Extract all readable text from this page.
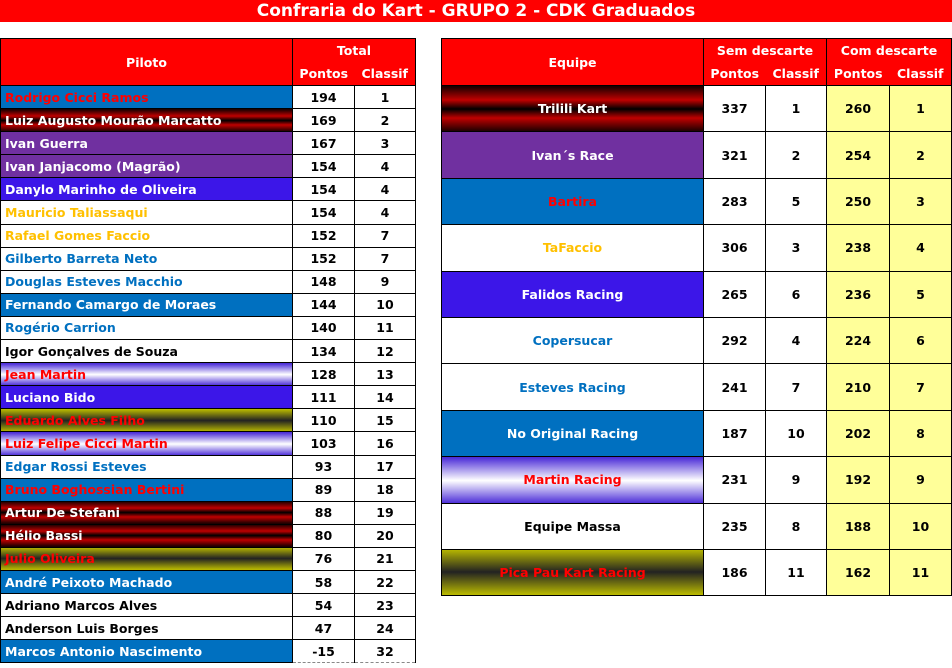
Confraria do Kart - GRUPO 2 - CDK Graduados
Piloto	Total	
	Pontos	Classif
Rodrigo Cicci Ramos	194	1
Luiz Augusto Mourão Marcatto	169	2
Ivan Guerra	167	3
Ivan Janjacomo (Magrão)	154	4
Danylo Marinho de Oliveira	154	4
Mauricio Taliassaqui	154	4
Rafael Gomes Faccio	152	7
Gilberto Barreta Neto	152	7
Douglas Esteves Macchio	148	9
Fernando Camargo de Moraes	144	10
Rogério Carrion	140	11
Igor Gonçalves de Souza	134	12
Jean Martin	128	13
Luciano Bido	111	14
Eduardo Alves Filho	110	15
Luiz Felipe Cicci Martin	103	16
Edgar Rossi Esteves	93	17
Bruno Boghossian Bertini	89	18
Artur De Stefani	88	19
Hélio Bassi	80	20
Julio Oliveira	76	21
André Peixoto Machado	58	22
Adriano Marcos Alves	54	23
Anderson Luis Borges	47	24
Marcos Antonio Nascimento	-15	32
Equipe	Sem descarte		Com descarte	
	Pontos	Classif	Pontos	Classif
Trilili Kart	337	1	260	1
Ivan´s Race	321	2	254	2
Bartira	283	5	250	3
TaFaccio	306	3	238	4
Falidos Racing	265	6	236	5
Copersucar	292	4	224	6
Esteves Racing	241	7	210	7
No Original Racing	187	10	202	8
Martin Racing	231	9	192	9
Equipe Massa	235	8	188	10
Pica Pau Kart Racing	186	11	162	11
